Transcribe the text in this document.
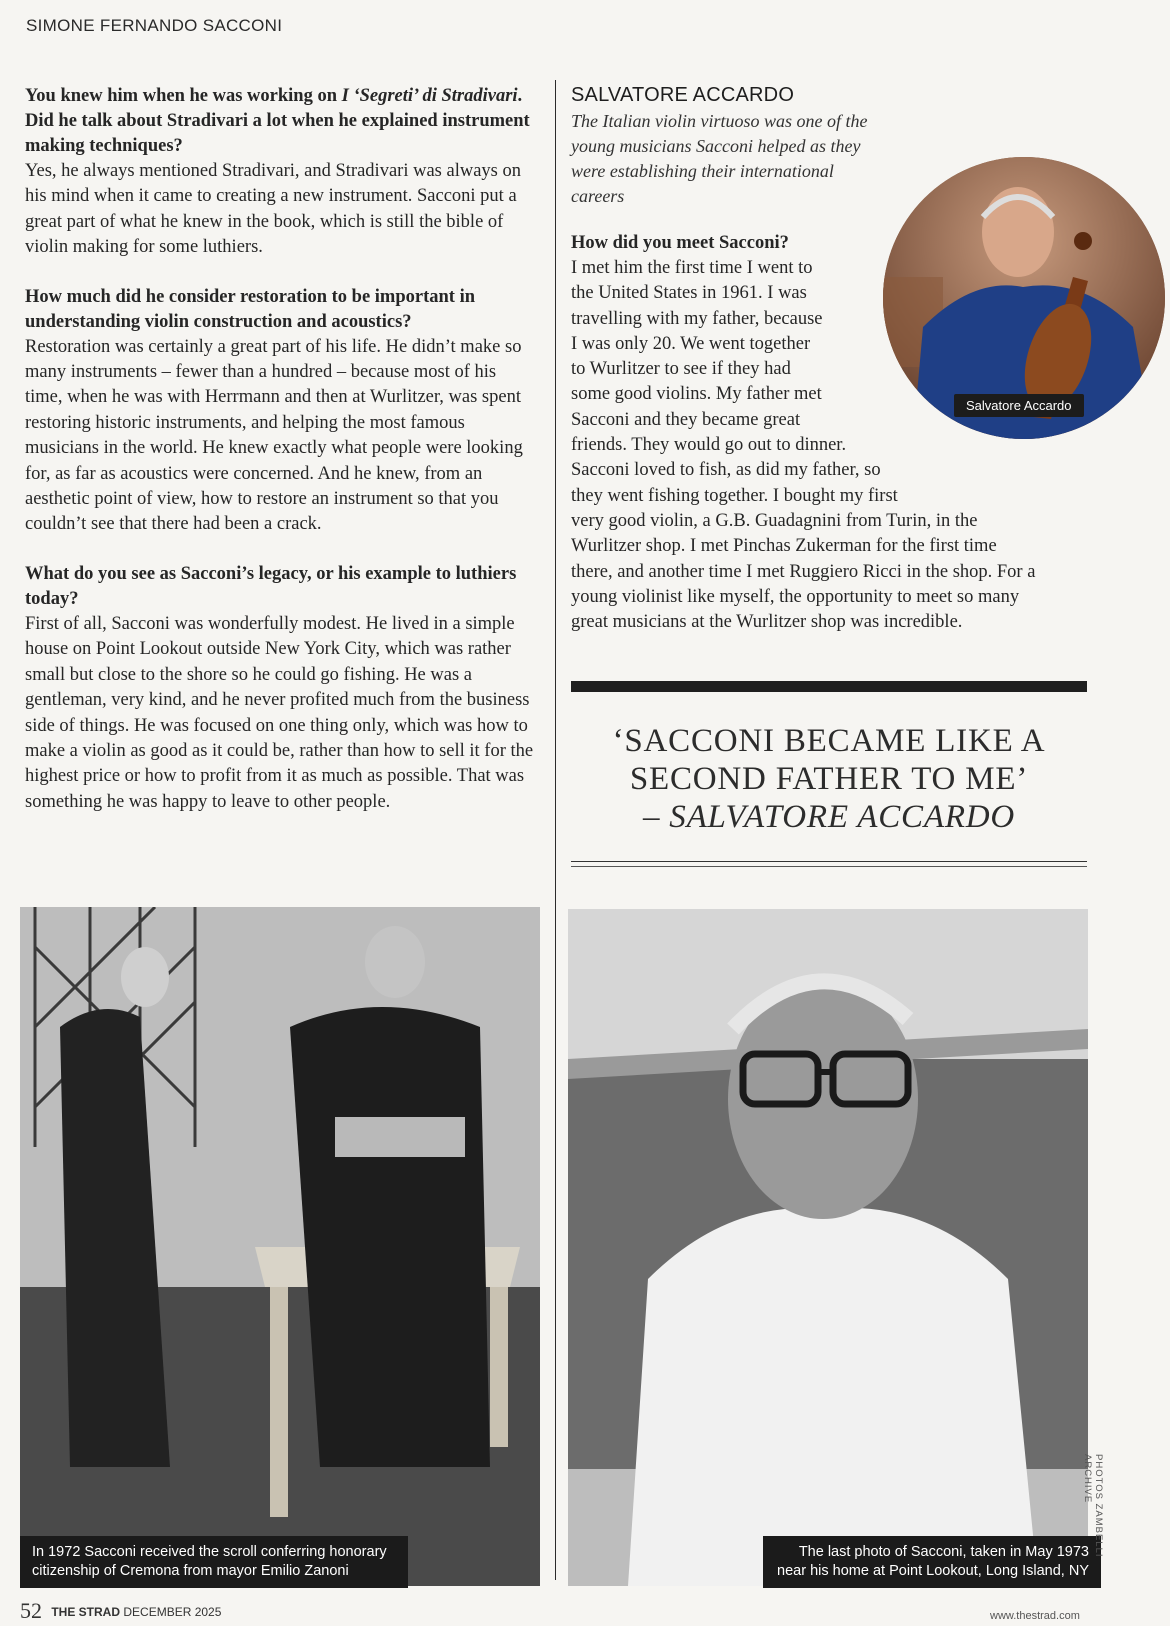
SIMONE FERNANDO SACCONI

You knew him when he was working on I ‘Segreti’ di Stradivari. Did he talk about Stradivari a lot when he explained instrument making techniques?

Yes, he always mentioned Stradivari, and Stradivari was always on his mind when it came to creating a new instrument. Sacconi put a great part of what he knew in the book, which is still the bible of violin making for some luthiers.

How much did he consider restoration to be important in understanding violin construction and acoustics?

Restoration was certainly a great part of his life. He didn’t make so many instruments – fewer than a hundred – because most of his time, when he was with Herrmann and then at Wurlitzer, was spent restoring historic instruments, and helping the most famous musicians in the world. He knew exactly what people were looking for, as far as acoustics were concerned. And he knew, from an aesthetic point of view, how to restore an instrument so that you couldn’t see that there had been a crack.

What do you see as Sacconi’s legacy, or his example to luthiers today?

First of all, Sacconi was wonderfully modest. He lived in a simple house on Point Lookout outside New York City, which was rather small but close to the shore so he could go fishing. He was a gentleman, very kind, and he never profited much from the business side of things. He was focused on one thing only, which was how to make a violin as good as it could be, rather than how to sell it for the highest price or how to profit from it as much as possible. That was something he was happy to leave to other people.

SALVATORE ACCARDO

The Italian violin virtuoso was one of the young musicians Sacconi helped as they were establishing their international careers

How did you meet Sacconi?

I met him the first time I went to
the United States in 1961. I was
travelling with my father, because
I was only 20. We went together
to Wurlitzer to see if they had
some good violins. My father met
Sacconi and they became great
friends. They would go out to dinner.
Sacconi loved to fish, as did my father, so
they went fishing together. I bought my first
very good violin, a G.B. Guadagnini from Turin, in the
Wurlitzer shop. I met Pinchas Zukerman for the first time
there, and another time I met Ruggiero Ricci in the shop. For a
young violinist like myself, the opportunity to meet so many
great musicians at the Wurlitzer shop was incredible.
Salvatore Accardo
‘SACCONI BECAME LIKE A
SECOND FATHER TO ME’
– SALVATORE ACCARDO
In 1972 Sacconi received the scroll conferring honorary
citizenship of Cremona from mayor Emilio Zanoni
The last photo of Sacconi, taken in May 1973
near his home at Point Lookout, Long Island, NY
PHOTOS ZAMBELLI ARCHIVE
52 THE STRAD DECEMBER 2025	www.thestrad.com
